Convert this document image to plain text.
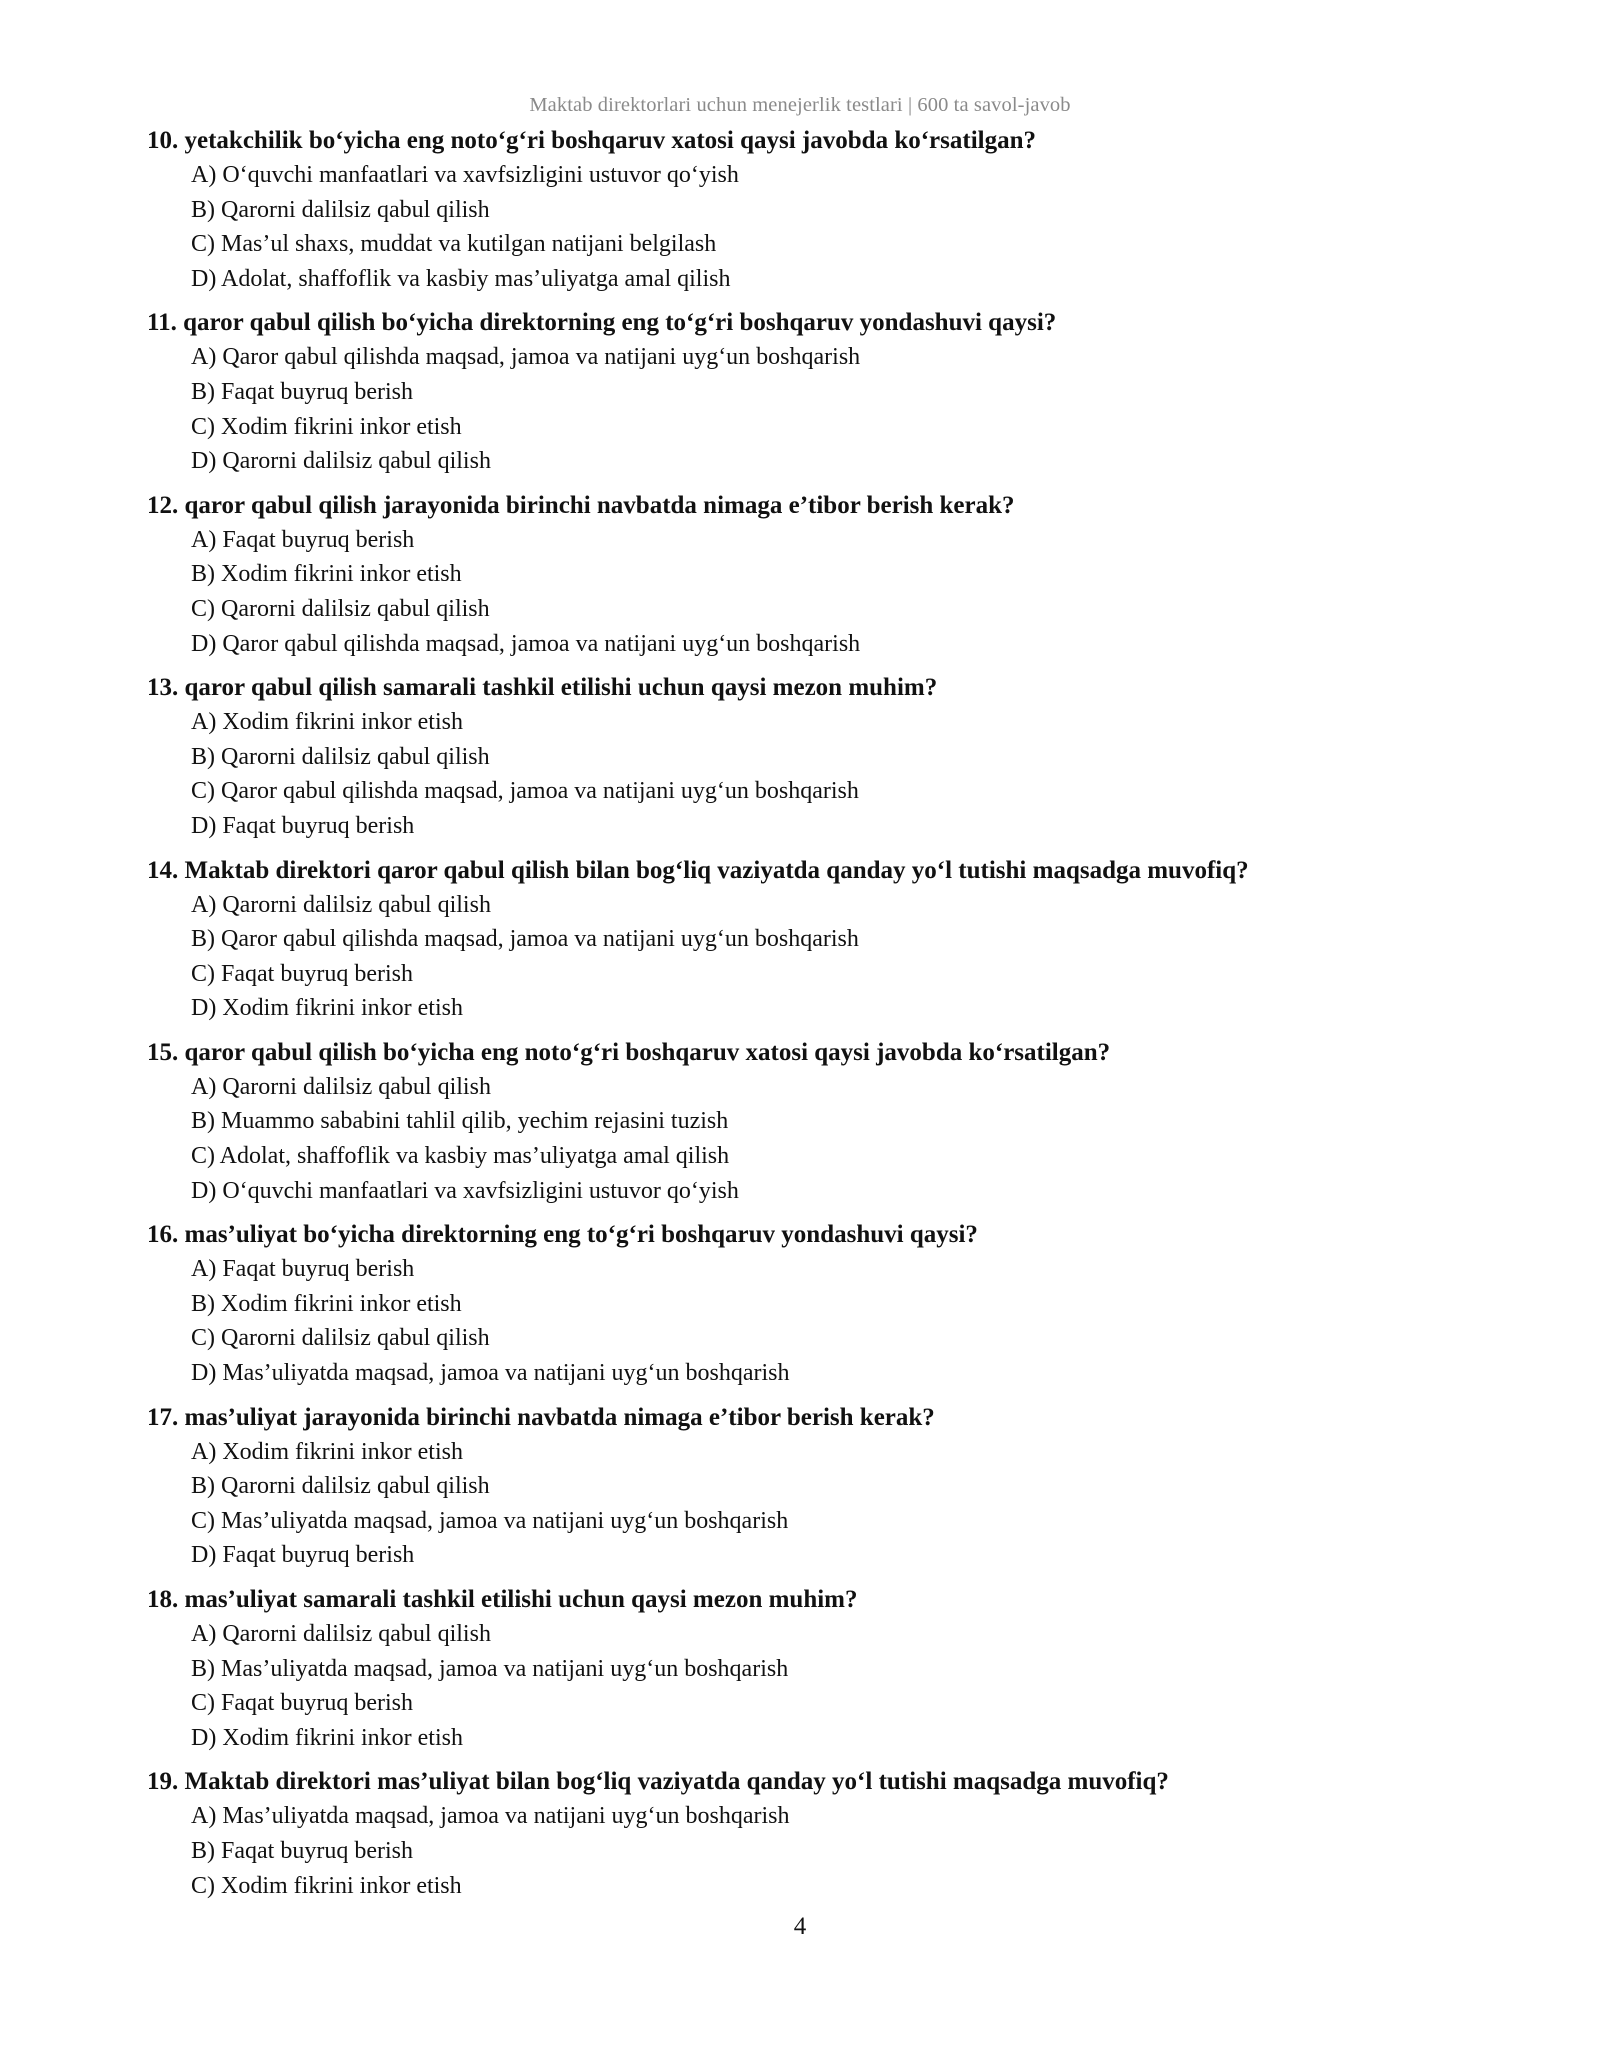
Maktab direktorlari uchun menejerlik testlari | 600 ta savol-javob

10. yetakchilik bo‘yicha eng noto‘g‘ri boshqaruv xatosi qaysi javobda ko‘rsatilgan?

A) O‘quvchi manfaatlari va xavfsizligini ustuvor qo‘yish
B) Qarorni dalilsiz qabul qilish
C) Mas’ul shaxs, muddat va kutilgan natijani belgilash
D) Adolat, shaffoflik va kasbiy mas’uliyatga amal qilish

11. qaror qabul qilish bo‘yicha direktorning eng to‘g‘ri boshqaruv yondashuvi qaysi?

A) Qaror qabul qilishda maqsad, jamoa va natijani uyg‘un boshqarish
B) Faqat buyruq berish
C) Xodim fikrini inkor etish
D) Qarorni dalilsiz qabul qilish

12. qaror qabul qilish jarayonida birinchi navbatda nimaga e’tibor berish kerak?

A) Faqat buyruq berish
B) Xodim fikrini inkor etish
C) Qarorni dalilsiz qabul qilish
D) Qaror qabul qilishda maqsad, jamoa va natijani uyg‘un boshqarish

13. qaror qabul qilish samarali tashkil etilishi uchun qaysi mezon muhim?

A) Xodim fikrini inkor etish
B) Qarorni dalilsiz qabul qilish
C) Qaror qabul qilishda maqsad, jamoa va natijani uyg‘un boshqarish
D) Faqat buyruq berish

14. Maktab direktori qaror qabul qilish bilan bog‘liq vaziyatda qanday yo‘l tutishi maqsadga muvofiq?

A) Qarorni dalilsiz qabul qilish
B) Qaror qabul qilishda maqsad, jamoa va natijani uyg‘un boshqarish
C) Faqat buyruq berish
D) Xodim fikrini inkor etish

15. qaror qabul qilish bo‘yicha eng noto‘g‘ri boshqaruv xatosi qaysi javobda ko‘rsatilgan?

A) Qarorni dalilsiz qabul qilish
B) Muammo sababini tahlil qilib, yechim rejasini tuzish
C) Adolat, shaffoflik va kasbiy mas’uliyatga amal qilish
D) O‘quvchi manfaatlari va xavfsizligini ustuvor qo‘yish

16. mas’uliyat bo‘yicha direktorning eng to‘g‘ri boshqaruv yondashuvi qaysi?

A) Faqat buyruq berish
B) Xodim fikrini inkor etish
C) Qarorni dalilsiz qabul qilish
D) Mas’uliyatda maqsad, jamoa va natijani uyg‘un boshqarish

17. mas’uliyat jarayonida birinchi navbatda nimaga e’tibor berish kerak?

A) Xodim fikrini inkor etish
B) Qarorni dalilsiz qabul qilish
C) Mas’uliyatda maqsad, jamoa va natijani uyg‘un boshqarish
D) Faqat buyruq berish

18. mas’uliyat samarali tashkil etilishi uchun qaysi mezon muhim?

A) Qarorni dalilsiz qabul qilish
B) Mas’uliyatda maqsad, jamoa va natijani uyg‘un boshqarish
C) Faqat buyruq berish
D) Xodim fikrini inkor etish

19. Maktab direktori mas’uliyat bilan bog‘liq vaziyatda qanday yo‘l tutishi maqsadga muvofiq?

A) Mas’uliyatda maqsad, jamoa va natijani uyg‘un boshqarish
B) Faqat buyruq berish
C) Xodim fikrini inkor etish
4
